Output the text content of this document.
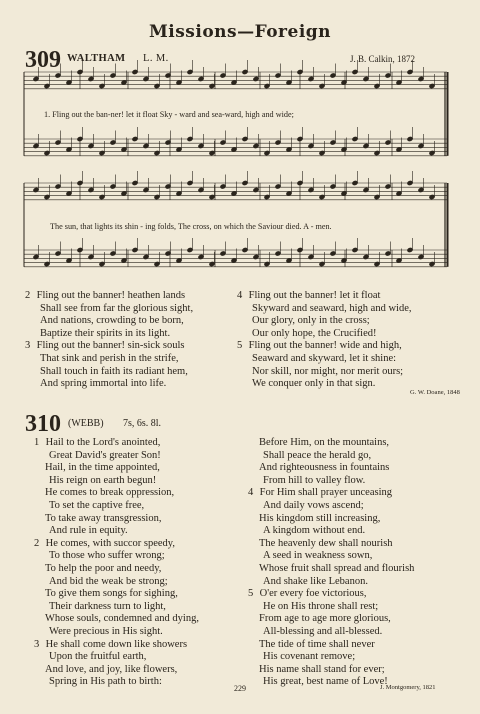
Missions—Foreign
309 WALTHAM L. M.	J. B. Calkin, 1872
1. Fling out the ban-ner! let it float Sky - ward and sea-ward, high and wide;
The sun, that lights its shin - ing folds, The cross, on which the Saviour died. A - men.
2 Fling out the banner! heathen lands
Shall see from far the glorious sight,
And nations, crowding to be born,
Baptize their spirits in its light.
3 Fling out the banner! sin-sick souls
That sink and perish in the strife,
Shall touch in faith its radiant hem,
And spring immortal into life.
4 Fling out the banner! let it float
Skyward and seaward, high and wide,
Our glory, only in the cross;
Our only hope, the Crucified!
5 Fling out the banner! wide and high,
Seaward and skyward, let it shine:
Nor skill, nor might, nor merit ours;
We conquer only in that sign.
G. W. Doane, 1848
310 (WEBB) 7s, 6s. 8l.
1 Hail to the Lord's anointed,
Great David's greater Son!
Hail, in the time appointed,
His reign on earth begun!
He comes to break oppression,
To set the captive free,
To take away transgression,
And rule in equity.
2 He comes, with succor speedy,
To those who suffer wrong;
To help the poor and needy,
And bid the weak be strong;
To give them songs for sighing,
Their darkness turn to light,
Whose souls, condemned and dying,
Were precious in His sight.
3 He shall come down like showers
Upon the fruitful earth,
And love, and joy, like flowers,
Spring in His path to birth:
Before Him, on the mountains,
Shall peace the herald go,
And righteousness in fountains
From hill to valley flow.
4 For Him shall prayer unceasing
And daily vows ascend;
His kingdom still increasing,
A kingdom without end.
The heavenly dew shall nourish
A seed in weakness sown,
Whose fruit shall spread and flourish
And shake like Lebanon.
5 O'er every foe victorious,
He on His throne shall rest;
From age to age more glorious,
All-blessing and all-blessed.
The tide of time shall never
His covenant remove;
His name shall stand for ever;
His great, best name of Love!
J. Montgomery, 1821
229
